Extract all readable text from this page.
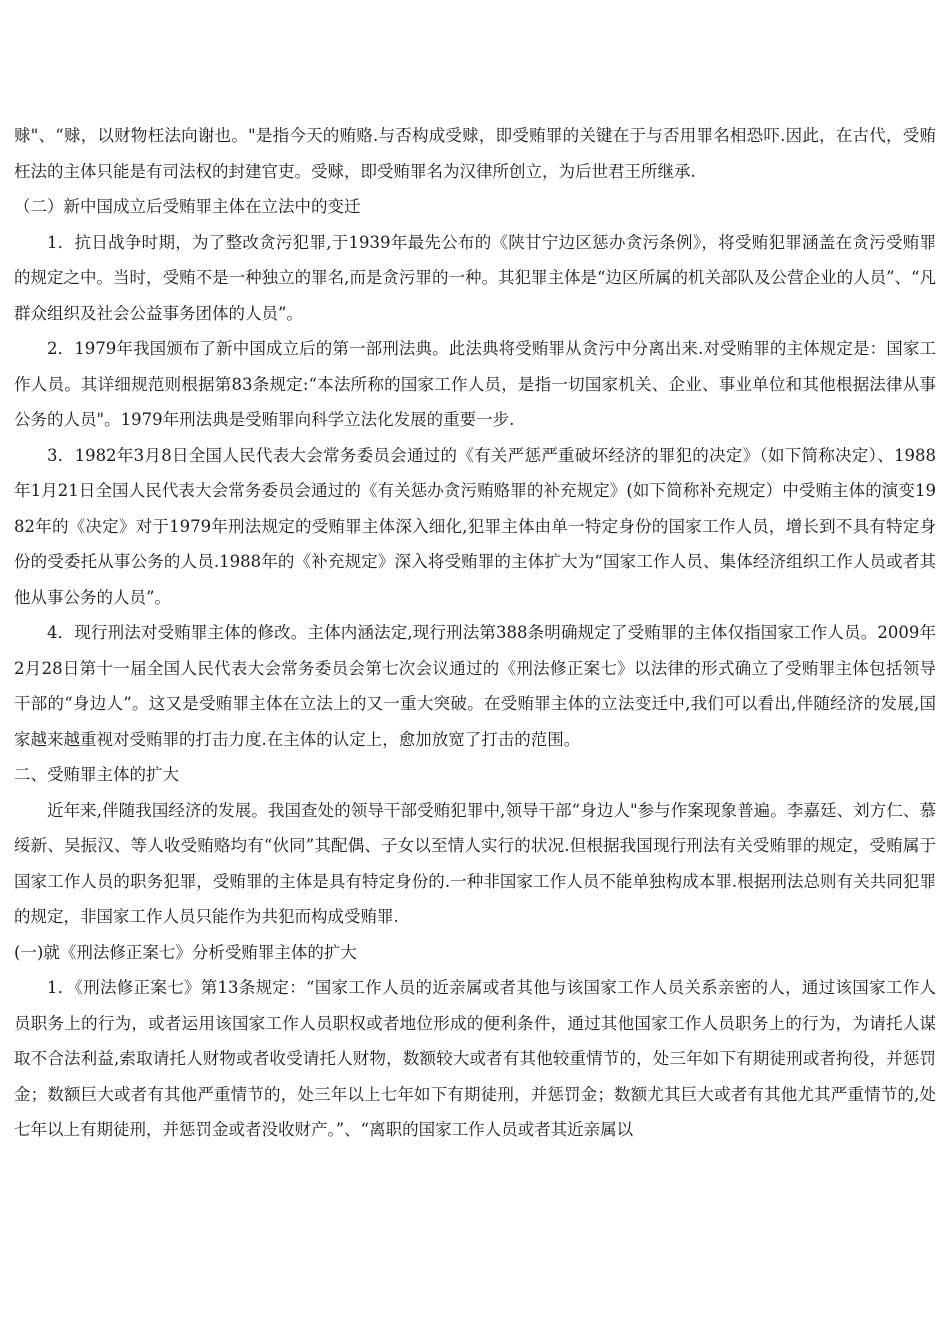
赇"、“赇，以财物枉法向谢也。"是指今天的贿赂.与否构成受赇，即受贿罪的关键在于与否用罪名相恐吓.因此，在古代，受贿枉法的主体只能是有司法权的封建官吏。受赇，即受贿罪名为汉律所创立，为后世君王所继承.

（二）新中国成立后受贿罪主体在立法中的变迁

1．抗日战争时期，为了整改贪污犯罪,于1939年最先公布的《陕甘宁边区惩办贪污条例》，将受贿犯罪涵盖在贪污受贿罪的规定之中。当时，受贿不是一种独立的罪名,而是贪污罪的一种。其犯罪主体是“边区所属的机关部队及公营企业的人员”、“凡群众组织及社会公益事务团体的人员”。

2．1979年我国颁布了新中国成立后的第一部刑法典。此法典将受贿罪从贪污中分离出来.对受贿罪的主体规定是：国家工作人员。其详细规范则根据第83条规定:“本法所称的国家工作人员，是指一切国家机关、企业、事业单位和其他根据法律从事公务的人员"。1979年刑法典是受贿罪向科学立法化发展的重要一步.

3．1982年3月8日全国人民代表大会常务委员会通过的《有关严惩严重破坏经济的罪犯的决定》（如下简称决定）、1988年1月21日全国人民代表大会常务委员会通过的《有关惩办贪污贿赂罪的补充规定》(如下简称补充规定）中受贿主体的演变1982年的《决定》对于1979年刑法规定的受贿罪主体深入细化,犯罪主体由单一特定身份的国家工作人员，增长到不具有特定身份的受委托从事公务的人员.1988年的《补充规定》深入将受贿罪的主体扩大为“国家工作人员、集体经济组织工作人员或者其他从事公务的人员”。

4．现行刑法对受贿罪主体的修改。主体内涵法定,现行刑法第388条明确规定了受贿罪的主体仅指国家工作人员。2009年2月28日第十一届全国人民代表大会常务委员会第七次会议通过的《刑法修正案七》以法律的形式确立了受贿罪主体包括领导干部的“身边人”。这又是受贿罪主体在立法上的又一重大突破。在受贿罪主体的立法变迁中,我们可以看出,伴随经济的发展,国家越来越重视对受贿罪的打击力度.在主体的认定上，愈加放宽了打击的范围。

二、受贿罪主体的扩大

近年来,伴随我国经济的发展。我国查处的领导干部受贿犯罪中,领导干部“身边人"参与作案现象普遍。李嘉廷、刘方仁、慕绥新、吴振汉、等人收受贿赂均有“伙同”其配偶、子女以至情人实行的状况.但根据我国现行刑法有关受贿罪的规定，受贿属于国家工作人员的职务犯罪，受贿罪的主体是具有特定身份的.一种非国家工作人员不能单独构成本罪.根据刑法总则有关共同犯罪的规定，非国家工作人员只能作为共犯而构成受贿罪.

(一)就《刑法修正案七》分析受贿罪主体的扩大

1．《刑法修正案七》第13条规定：“国家工作人员的近亲属或者其他与该国家工作人员关系亲密的人，通过该国家工作人员职务上的行为，或者运用该国家工作人员职权或者地位形成的便利条件，通过其他国家工作人员职务上的行为，为请托人谋取不合法利益,索取请托人财物或者收受请托人财物，数额较大或者有其他较重情节的，处三年如下有期徒刑或者拘役，并惩罚金；数额巨大或者有其他严重情节的，处三年以上七年如下有期徒刑，并惩罚金；数额尤其巨大或者有其他尤其严重情节的,处七年以上有期徒刑，并惩罚金或者没收财产。”、“离职的国家工作人员或者其近亲属以
